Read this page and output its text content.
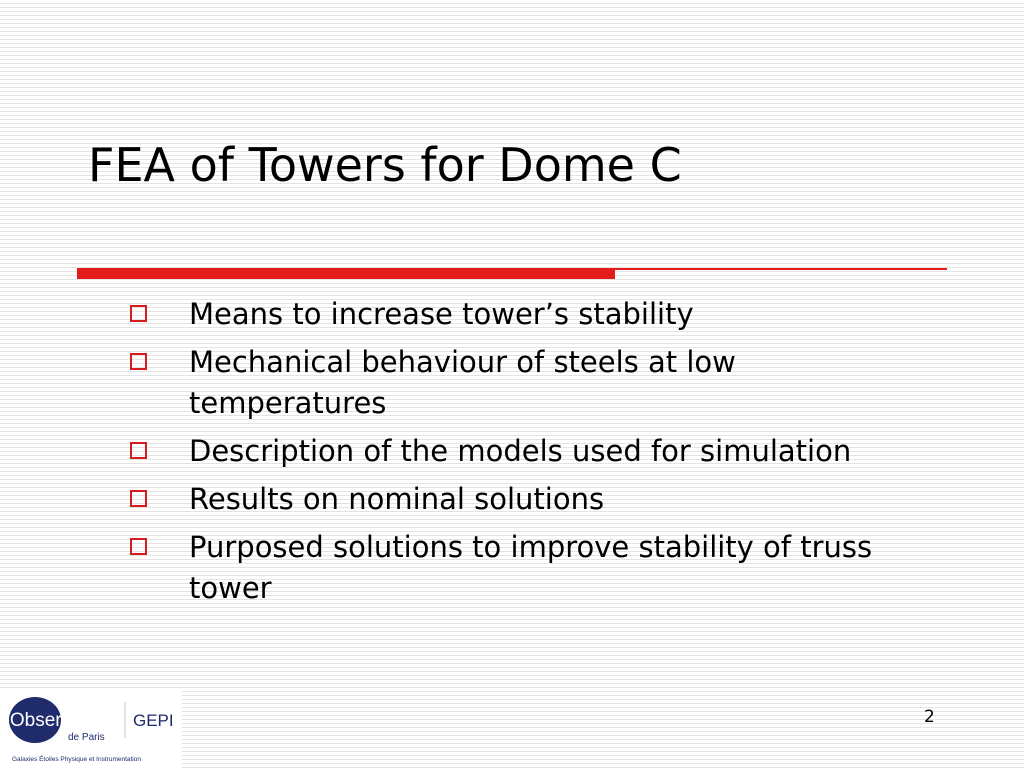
FEA of Towers for Dome C
Means to increase tower’s stability
Mechanical behaviour of steels at low temperatures
Description of the models used for simulation
Results on nominal solutions
Purposed solutions to improve stability of truss tower
2
l'Observatoire
de Paris
GEPI
Galaxies Étoiles Physique et Instrumentation
